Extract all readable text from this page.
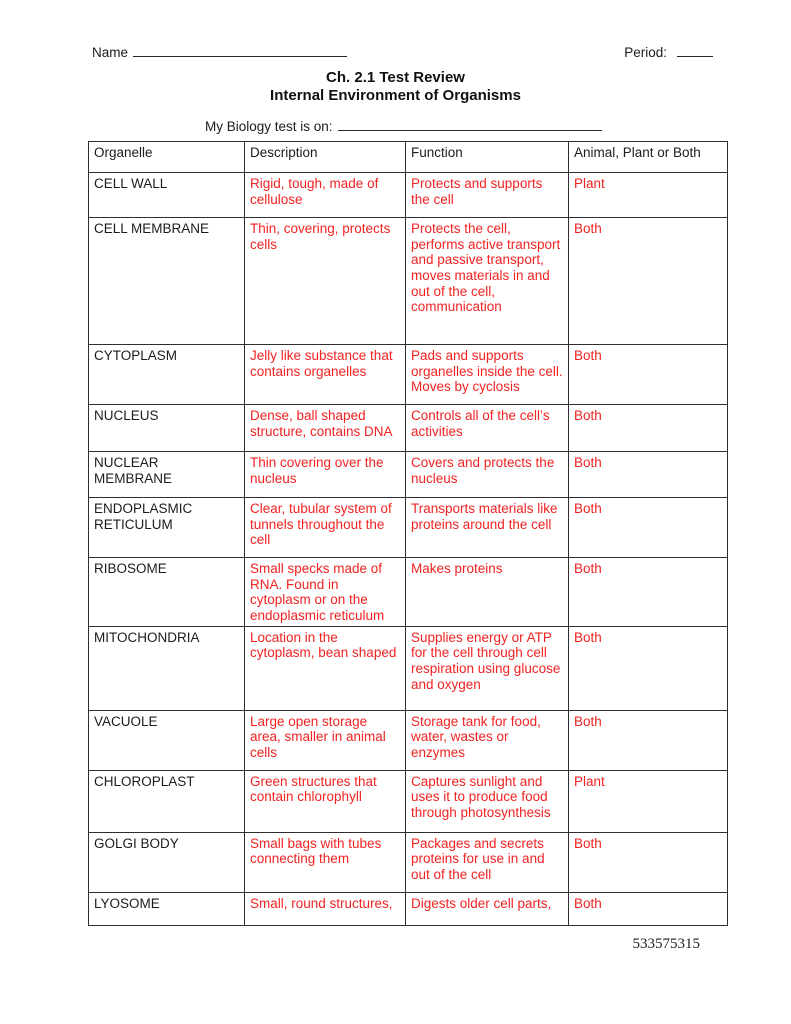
Name	Period:
Ch. 2.1 Test Review
Internal Environment of Organisms
My Biology test is on:
Organelle	Description	Function	Animal, Plant or Both
CELL WALL	Rigid, tough, made of cellulose	Protects and supports the cell	Plant
CELL MEMBRANE	Thin, covering, protects cells	Protects the cell, performs active transport and passive transport, moves materials in and out of the cell, communication	Both
CYTOPLASM	Jelly like substance that contains organelles	Pads and supports organelles inside the cell. Moves by cyclosis	Both
NUCLEUS	Dense, ball shaped structure, contains DNA	Controls all of the cell’s activities	Both
NUCLEAR MEMBRANE	Thin covering over the nucleus	Covers and protects the nucleus	Both
ENDOPLASMIC RETICULUM	Clear, tubular system of tunnels throughout the cell	Transports materials like proteins around the cell	Both
RIBOSOME	Small specks made of RNA. Found in cytoplasm or on the endoplasmic reticulum	Makes proteins	Both
MITOCHONDRIA	Location in the cytoplasm, bean shaped	Supplies energy or ATP for the cell through cell respiration using glucose and oxygen	Both
VACUOLE	Large open storage area, smaller in animal cells	Storage tank for food, water, wastes or enzymes	Both
CHLOROPLAST	Green structures that contain chlorophyll	Captures sunlight and uses it to produce food through photosynthesis	Plant
GOLGI BODY	Small bags with tubes connecting them	Packages and secrets proteins for use in and out of the cell	Both
LYOSOME	Small, round structures,	Digests older cell parts,	Both
533575315
